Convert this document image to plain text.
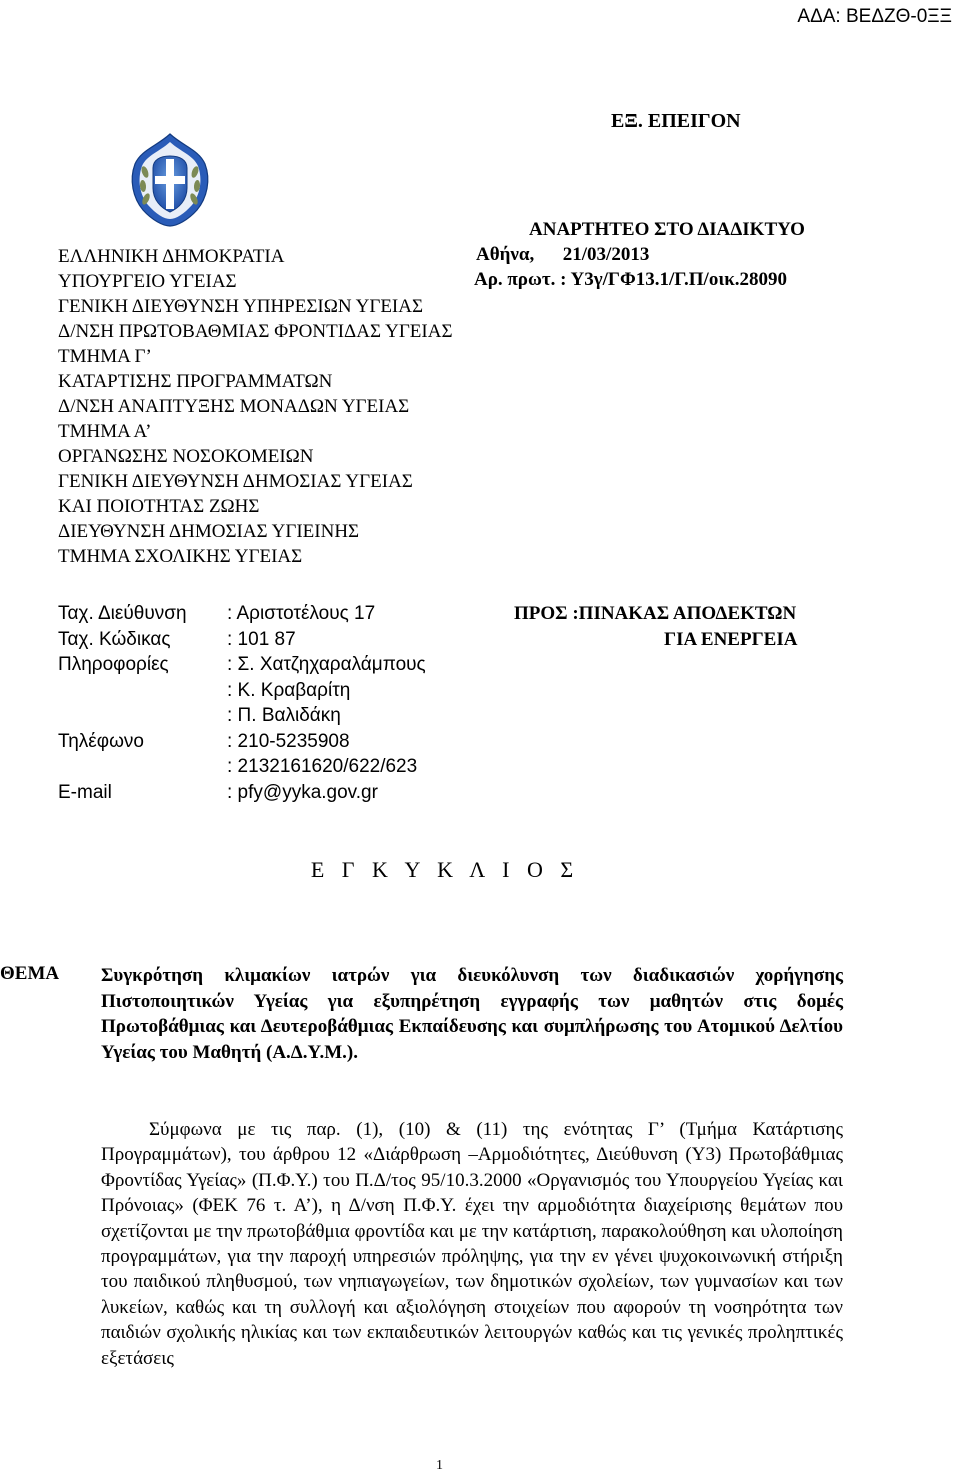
ΑΔΑ: ΒΕΔΖΘ-0ΞΞ
ΕΞ. ΕΠΕΙΓΟΝ
ΑΝΑΡΤΗΤΕΟ ΣΤΟ ΔΙΑΔΙΚΤΥΟ
Αθήνα,      21/03/2013
Αρ. πρωτ. : Υ3γ/ΓΦ13.1/Γ.Π/οικ.28090
ΕΛΛΗΝΙΚΗ ΔΗΜΟΚΡΑΤΙΑ
ΥΠΟΥΡΓΕΙΟ ΥΓΕΙΑΣ
ΓΕΝΙΚΗ ΔΙΕΥΘΥΝΣΗ ΥΠΗΡΕΣΙΩΝ ΥΓΕΙΑΣ
Δ/ΝΣΗ ΠΡΩΤΟΒΑΘΜΙΑΣ ΦΡΟΝΤΙΔΑΣ ΥΓΕΙΑΣ
ΤΜΗΜΑ Γ’
ΚΑΤΑΡΤΙΣΗΣ ΠΡΟΓΡΑΜΜΑΤΩΝ
Δ/ΝΣΗ ΑΝΑΠΤΥΞΗΣ ΜΟΝΑΔΩΝ ΥΓΕΙΑΣ
ΤΜΗΜΑ Α’
ΟΡΓΑΝΩΣΗΣ ΝΟΣΟΚΟΜΕΙΩΝ
ΓΕΝΙΚΗ ΔΙΕΥΘΥΝΣΗ ΔΗΜΟΣΙΑΣ ΥΓΕΙΑΣ
ΚΑΙ ΠΟΙΟΤΗΤΑΣ ΖΩΗΣ
ΔΙΕΥΘΥΝΣΗ ΔΗΜΟΣΙΑΣ ΥΓΙΕΙΝΗΣ
ΤΜΗΜΑ ΣΧΟΛΙΚΗΣ ΥΓΕΙΑΣ
Ταχ. Διεύθυνση	: Αριστοτέλους 17
Ταχ. Κώδικας	: 101 87
Πληροφορίες	: Σ. Χατζηχαραλάμπους
: Κ. Κραβαρίτη
: Π. Βαλιδάκη
Τηλέφωνο	: 210-5235908
: 2132161620/622/623
E-mail	: pfy@yyka.gov.gr
ΠΡΟΣ :ΠΙΝΑΚΑΣ ΑΠΟΔΕΚΤΩΝ
ΓΙΑ ΕΝΕΡΓΕΙΑ
Ε Γ Κ Υ Κ Λ Ι Ο Σ
ΘΕΜΑ Συγκρότηση κλιμακίων ιατρών για διευκόλυνση των διαδικασιών χορήγησης Πιστοποιητικών Υγείας για εξυπηρέτηση εγγραφής των μαθητών στις δομές Πρωτοβάθμιας και Δευτεροβάθμιας Εκπαίδευσης και συμπλήρωσης του Ατομικού Δελτίου Υγείας του Μαθητή (Α.Δ.Υ.Μ.).
Σύμφωνα με τις παρ. (1), (10) & (11) της ενότητας Γ’ (Τμήμα Κατάρτισης Προγραμμάτων), του άρθρου 12 «Διάρθρωση –Αρμοδιότητες, Διεύθυνση (Υ3) Πρωτοβάθμιας Φροντίδας Υγείας» (Π.Φ.Υ.) του Π.Δ/τος 95/10.3.2000 «Οργανισμός του Υπουργείου Υγείας και Πρόνοιας» (ΦΕΚ 76 τ. Α’), η Δ/νση Π.Φ.Υ. έχει την αρμοδιότητα διαχείρισης θεμάτων που σχετίζονται με την πρωτοβάθμια φροντίδα και με την κατάρτιση, παρακολούθηση και υλοποίηση προγραμμάτων, για την παροχή υπηρεσιών πρόληψης, για την εν γένει ψυχοκοινωνική στήριξη του παιδικού πληθυσμού, των νηπιαγωγείων, των δημοτικών σχολείων, των γυμνασίων και των λυκείων, καθώς και τη συλλογή και αξιολόγηση στοιχείων που αφορούν τη νοσηρότητα των παιδιών σχολικής ηλικίας και των εκπαιδευτικών λειτουργών καθώς και τις γενικές προληπτικές εξετάσεις
1
